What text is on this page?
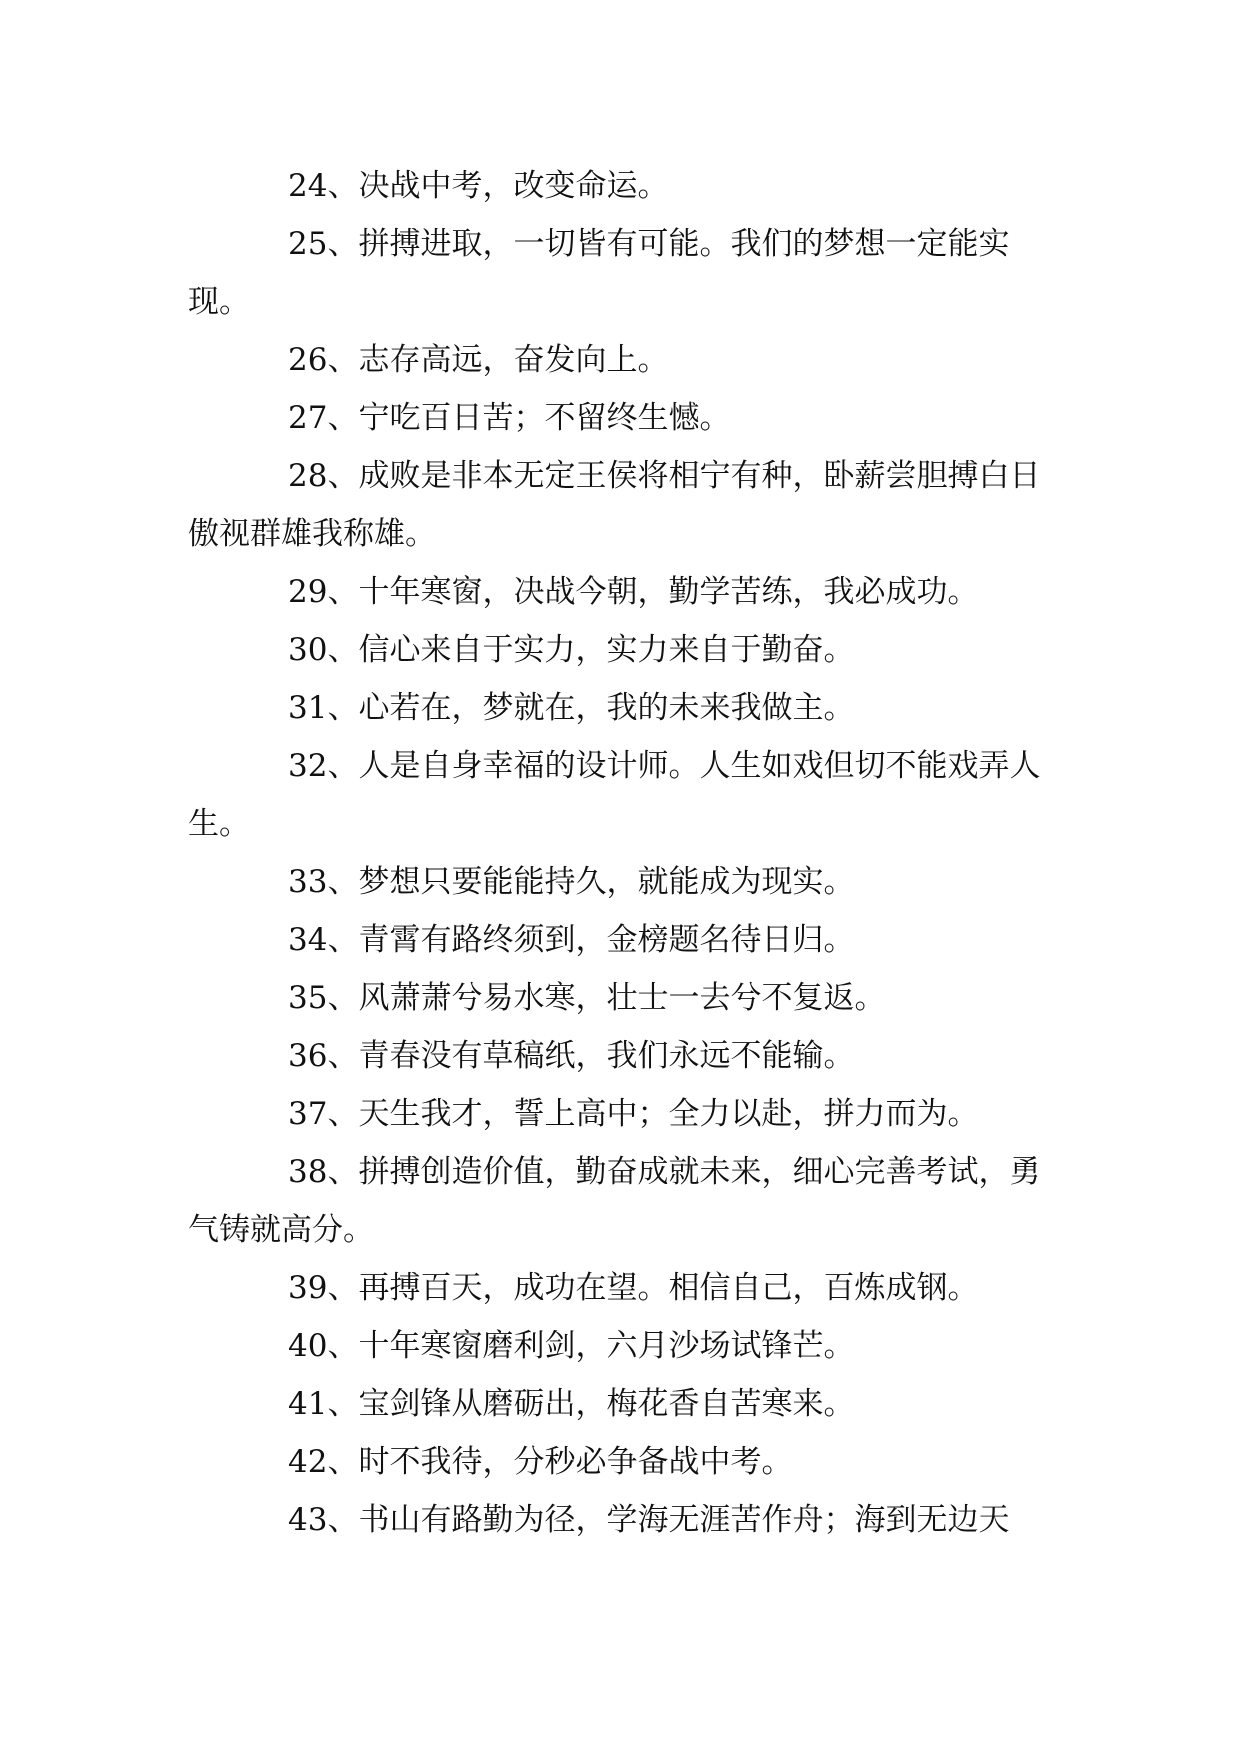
24、决战中考，改变命运。

25、拼搏进取，一切皆有可能。我们的梦想一定能实现。

26、志存高远，奋发向上。

27、宁吃百日苦；不留终生憾。

28、成败是非本无定王侯将相宁有种，卧薪尝胆搏白日傲视群雄我称雄。

29、十年寒窗，决战今朝，勤学苦练，我必成功。

30、信心来自于实力，实力来自于勤奋。

31、心若在，梦就在，我的未来我做主。

32、人是自身幸福的设计师。人生如戏但切不能戏弄人生。

33、梦想只要能能持久，就能成为现实。

34、青霄有路终须到，金榜题名待日归。

35、风萧萧兮易水寒，壮士一去兮不复返。

36、青春没有草稿纸，我们永远不能输。

37、天生我才，誓上高中；全力以赴，拼力而为。

38、拼搏创造价值，勤奋成就未来，细心完善考试，勇气铸就高分。

39、再搏百天，成功在望。相信自己，百炼成钢。

40、十年寒窗磨利剑，六月沙场试锋芒。

41、宝剑锋从磨砺出，梅花香自苦寒来。

42、时不我待，分秒必争备战中考。

43、书山有路勤为径，学海无涯苦作舟；海到无边天
